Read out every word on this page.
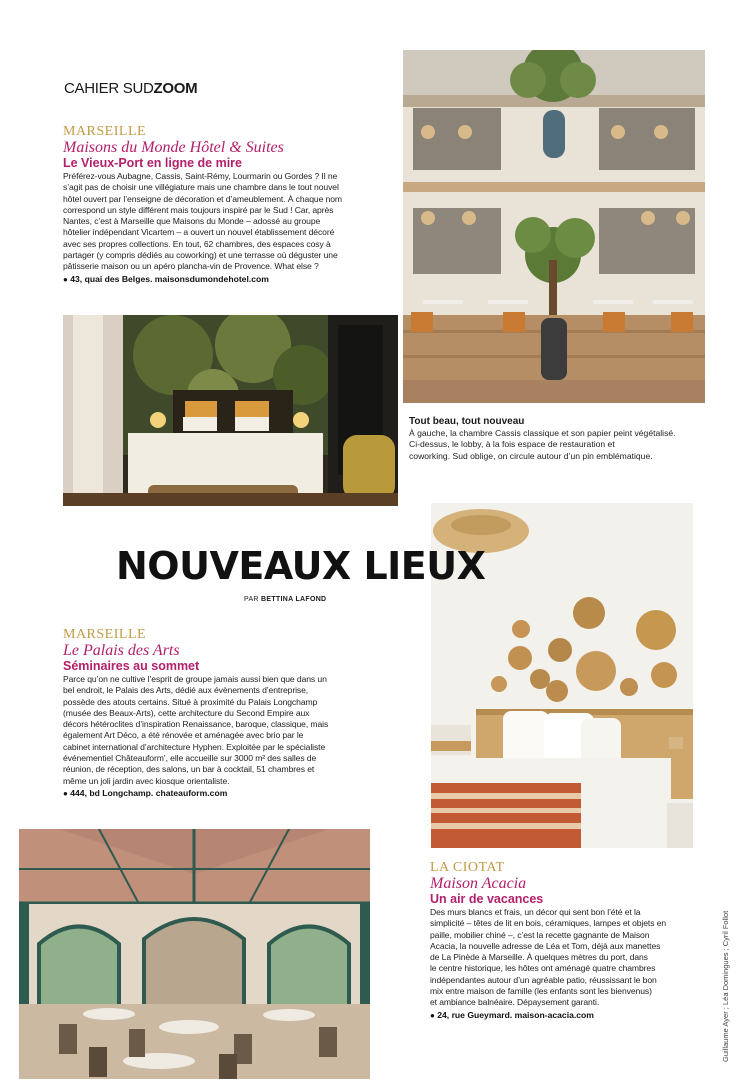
CAHIER SUDZOOM
MARSEILLE
Maisons du Monde Hôtel & Suites
Le Vieux-Port en ligne de mire
Préférez-vous Aubagne, Cassis, Saint-Rémy, Lourmarin ou Gordes ? Il ne
s’agit pas de choisir une villégiature mais une chambre dans le tout nouvel
hôtel ouvert par l’enseigne de décoration et d’ameublement. À chaque nom
correspond un style différent mais toujours inspiré par le Sud ! Car, après
Nantes, c’est à Marseille que Maisons du Monde – adossé au groupe
hôtelier indépendant Vicartem – a ouvert un nouvel établissement décoré
avec ses propres collections. En tout, 62 chambres, des espaces cosy à
partager (y compris dédiés au coworking) et une terrasse où déguster une
pâtisserie maison ou un apéro plancha-vin de Provence. What else ?
● 43, quai des Belges. maisonsdumondehotel.com
Tout beau, tout nouveau
À gauche, la chambre Cassis classique et son papier peint végétalisé.
Ci-dessus, le lobby, à la fois espace de restauration et
coworking. Sud oblige, on circule autour d’un pin emblématique.
NOUVEAUX LIEUX
PAR BETTINA LAFOND
MARSEILLE
Le Palais des Arts
Séminaires au sommet
Parce qu’on ne cultive l’esprit de groupe jamais aussi bien que dans un
bel endroit, le Palais des Arts, dédié aux évènements d’entreprise,
possède des atouts certains. Situé à proximité du Palais Longchamp
(musée des Beaux-Arts), cette architecture du Second Empire aux
décors hétéroclites d’inspiration Renaissance, baroque, classique, mais
également Art Déco, a été rénovée et aménagée avec brio par le
cabinet international d’architecture Hyphen. Exploitée par le spécialiste
événementiel Châteauform’, elle accueille sur 3000 m² des salles de
réunion, de réception, des salons, un bar à cocktail, 51 chambres et
même un joli jardin avec kiosque orientaliste.
● 444, bd Longchamp. chateauform.com
LA CIOTAT
Maison Acacia
Un air de vacances
Des murs blancs et frais, un décor qui sent bon l’été et la
simplicité – têtes de lit en bois, céramiques, lampes et objets en
paille, mobilier chiné –, c’est la recette gagnante de Maison
Acacia, la nouvelle adresse de Léa et Tom, déjà aux manettes
de La Pinède à Marseille. À quelques mètres du port, dans
le centre historique, les hôtes ont aménagé quatre chambres
indépendantes autour d’un agréable patio, réussissant le bon
mix entre maison de famille (les enfants sont les bienvenus)
et ambiance balnéaire. Dépaysement garanti.
● 24, rue Gueymard. maison-acacia.com	Guillaume Ayer ; Léa Domingues ; Cyril Follot
